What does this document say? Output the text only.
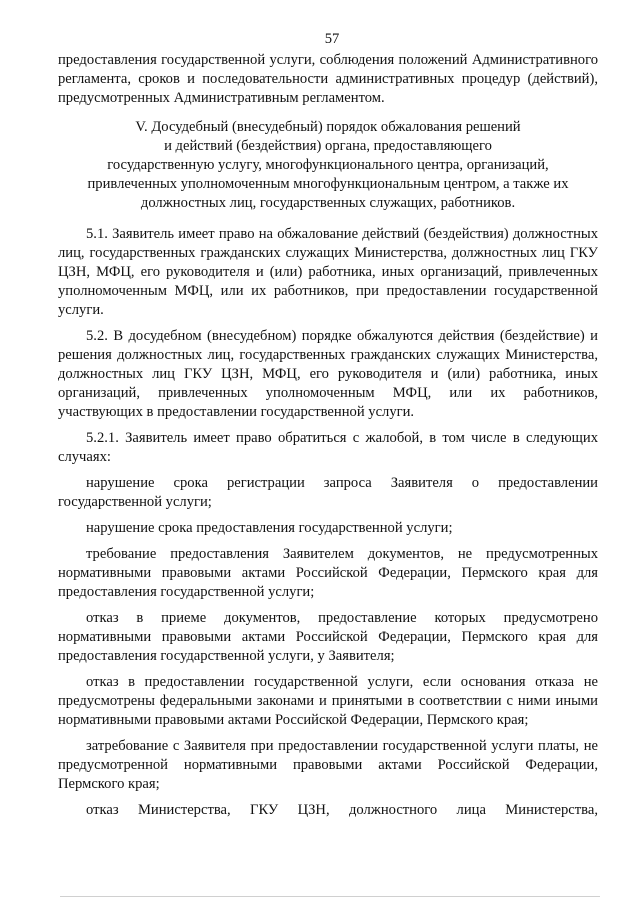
57

предоставления государственной услуги, соблюдения положений Административного регламента, сроков и последовательности административных процедур (действий), предусмотренных Административным регламентом.

V. Досудебный (внесудебный) порядок обжалования решений
и действий (бездействия) органа, предоставляющего
государственную услугу, многофункционального центра, организаций,
привлеченных уполномоченным многофункциональным центром, а также их
должностных лиц, государственных служащих, работников.

5.1. Заявитель имеет право на обжалование действий (бездействия) должностных лиц, государственных гражданских служащих Министерства, должностных лиц ГКУ ЦЗН, МФЦ, его руководителя и (или) работника, иных организаций, привлеченных уполномоченным МФЦ, или их работников, при предоставлении государственной услуги.

5.2. В досудебном (внесудебном) порядке обжалуются действия (бездействие) и решения должностных лиц, государственных гражданских служащих Министерства, должностных лиц ГКУ ЦЗН, МФЦ, его руководителя и (или) работника, иных организаций, привлеченных уполномоченным МФЦ, или их работников, участвующих в предоставлении государственной услуги.

5.2.1. Заявитель имеет право обратиться с жалобой, в том числе в следующих случаях:

нарушение срока регистрации запроса Заявителя о предоставлении государственной услуги;

нарушение срока предоставления государственной услуги;

требование предоставления Заявителем документов, не предусмотренных нормативными правовыми актами Российской Федерации, Пермского края для предоставления государственной услуги;

отказ в приеме документов, предоставление которых предусмотрено нормативными правовыми актами Российской Федерации, Пермского края для предоставления государственной услуги, у Заявителя;

отказ в предоставлении государственной услуги, если основания отказа не предусмотрены федеральными законами и принятыми в соответствии с ними иными нормативными правовыми актами Российской Федерации, Пермского края;

затребование с Заявителя при предоставлении государственной услуги платы, не предусмотренной нормативными правовыми актами Российской Федерации, Пермского края;

отказ Министерства, ГКУ ЦЗН, должностного лица Министерства,
